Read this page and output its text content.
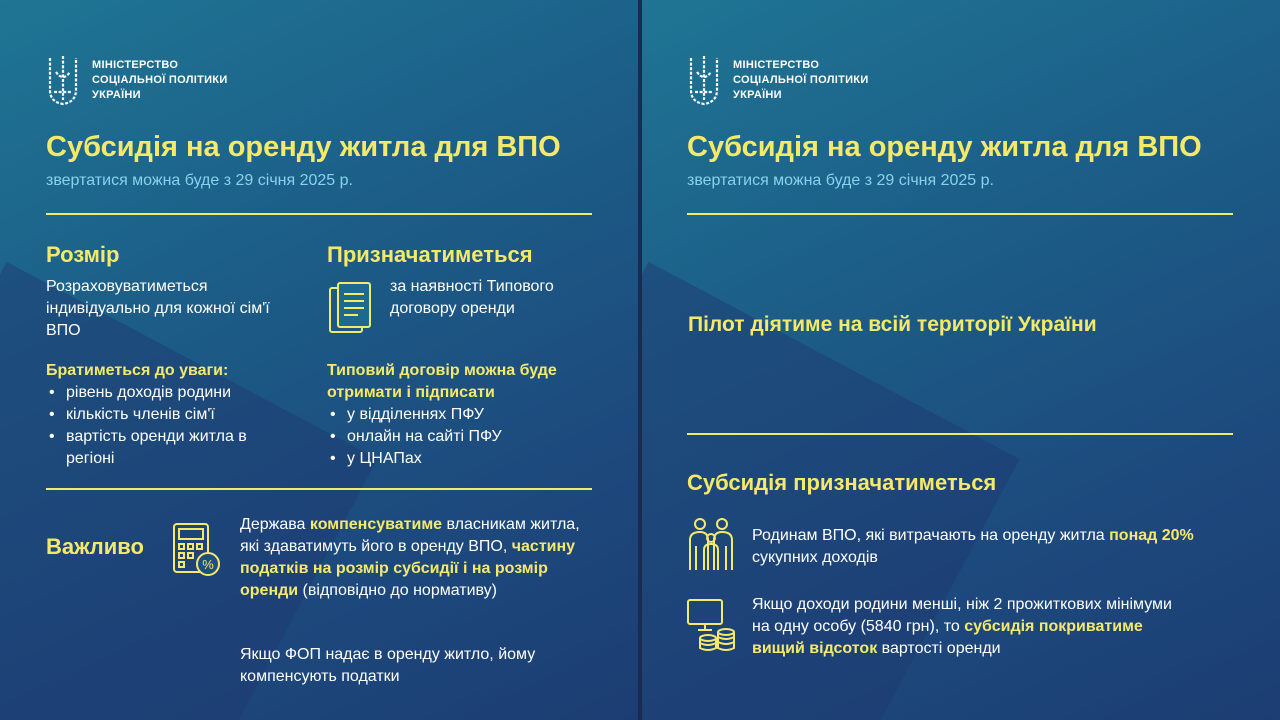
МІНІСТЕРСТВО
СОЦІАЛЬНОЇ ПОЛІТИКИ
УКРАЇНИ
Субсидія на оренду житла для ВПО
звертатися можна буде з 29 січня 2025 р.
Розмір
Розраховуватиметься індивідуально для кожної сім'ї ВПО
Братиметься до уваги:
• рівень доходів родини
• кількість членів сім'ї
• вартість оренди житла в регіоні
Призначатиметься
за наявності Типового договору оренди
Типовий договір можна буде отримати і підписати
• у відділеннях ПФУ
• онлайн на сайті ПФУ
• у ЦНАПах
Важливо
%
Держава компенсуватиме власникам житла, які здаватимуть його в оренду ВПО, частину податків на розмір субсидії і на розмір оренди (відповідно до нормативу)
Якщо ФОП надає в оренду житло, йому компенсують податки
МІНІСТЕРСТВО
СОЦІАЛЬНОЇ ПОЛІТИКИ
УКРАЇНИ
Субсидія на оренду житла для ВПО
звертатися можна буде з 29 січня 2025 р.
Пілот діятиме на всій території України
Субсидія призначатиметься
Родинам ВПО, які витрачають на оренду житла понад 20% сукупних доходів
Якщо доходи родини менші, ніж 2 прожиткових мінімуми на одну особу (5840 грн), то субсидія покриватиме вищий відсоток вартості оренди
